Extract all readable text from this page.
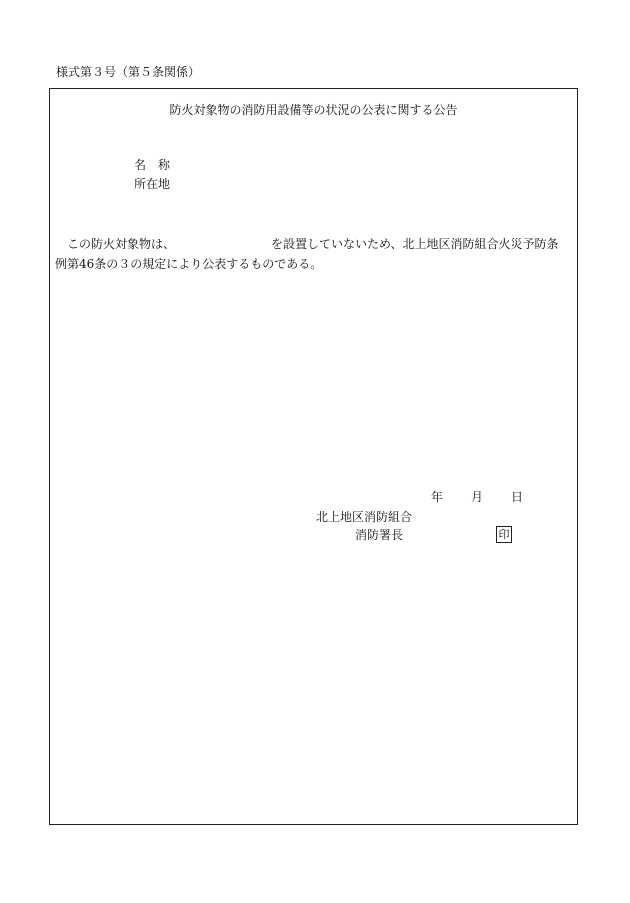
様式第３号（第５条関係）
防火対象物の消防用設備等の状況の公表に関する公告
名称
所在地
　この防火対象物は、	を設置していないため、北上地区消防組合火災予防条
例第46条の３の規定により公表するものである。
年 月 日
北上地区消防組合
消防署長	印
